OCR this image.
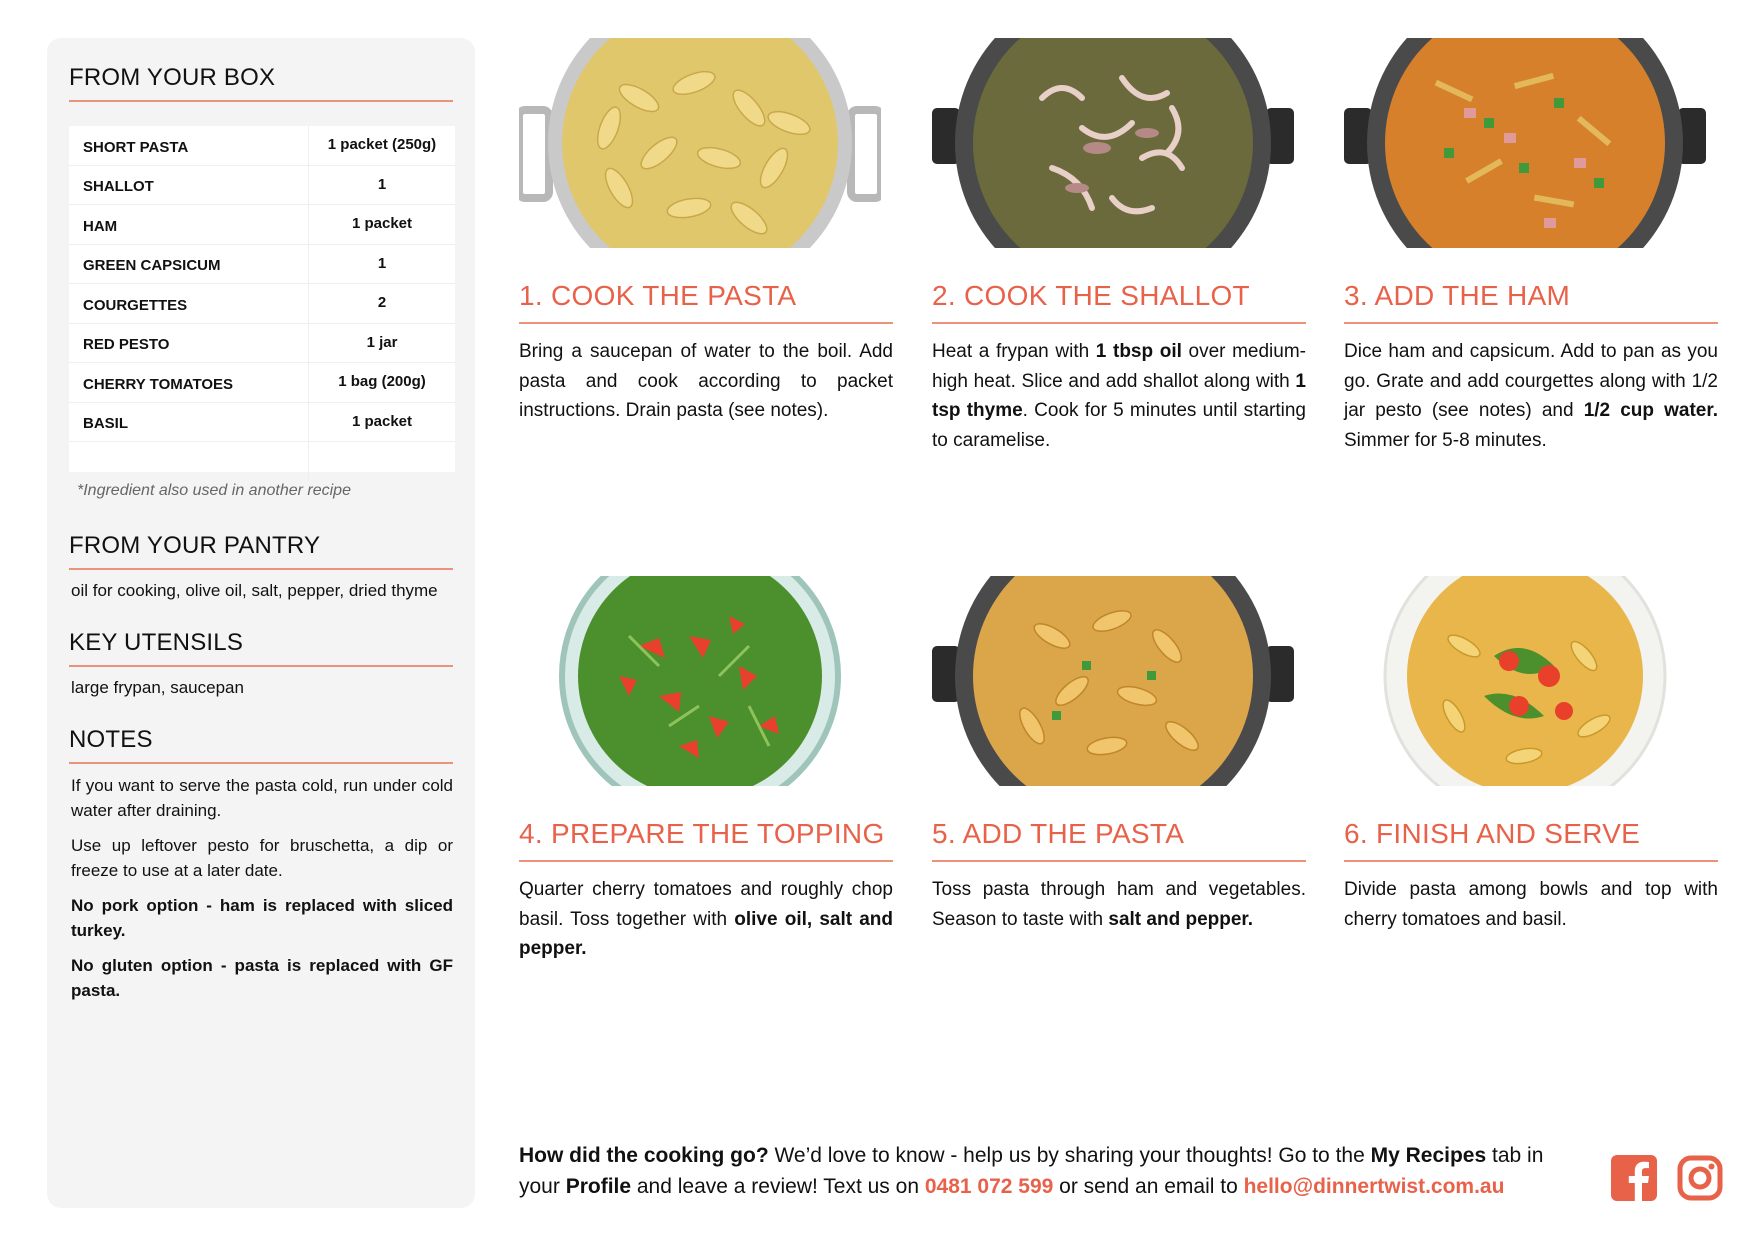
FROM YOUR BOX
SHORT PASTA	1 packet (250g)
SHALLOT	1
HAM	1 packet
GREEN CAPSICUM	1
COURGETTES	2
RED PESTO	1 jar
CHERRY TOMATOES	1 bag (200g)
BASIL	1 packet
*Ingredient also used in another recipe
FROM YOUR PANTRY
oil for cooking, olive oil, salt, pepper, dried thyme
KEY UTENSILS
large frypan, saucepan
NOTES

If you want to serve the pasta cold, run under cold water after draining.

Use up leftover pesto for bruschetta, a dip or freeze to use at a later date.

No pork option - ham is replaced with sliced turkey.

No gluten option - pasta is replaced with GF pasta.

1. COOK THE PASTA
Bring a saucepan of water to the boil. Add pasta and cook according to packet instructions. Drain pasta (see notes).
2. COOK THE SHALLOT
Heat a frypan with 1 tbsp oil over medium-high heat. Slice and add shallot along with 1 tsp thyme. Cook for 5 minutes until starting to caramelise.
3. ADD THE HAM
Dice ham and capsicum. Add to pan as you go. Grate and add courgettes along with 1/2 jar pesto (see notes) and 1/2 cup water. Simmer for 5-8 minutes.
4. PREPARE THE TOPPING
Quarter cherry tomatoes and roughly chop basil. Toss together with olive oil, salt and pepper.
5. ADD THE PASTA
Toss pasta through ham and vegetables. Season to taste with salt and pepper.
6. FINISH AND SERVE
Divide pasta among bowls and top with cherry tomatoes and basil.
How did the cooking go? We’d love to know - help us by sharing your thoughts! Go to the My Recipes tab in your Profile and leave a review! Text us on 0481 072 599 or send an email to hello@dinnertwist.com.au
